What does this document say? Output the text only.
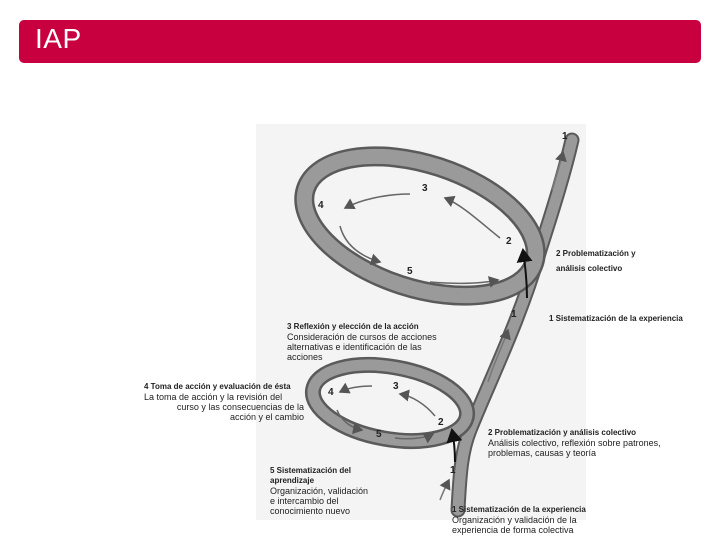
IAP
1
3
4
2
5
1
3
4
2
5
1
2 Problematización y
análisis colectivo
1 Sistematización de la experiencia
3 Reflexión y elección de la acción
Consideración de cursos de acciones
alternativas e identificación de las
acciones
4 Toma de acción y evaluación de ésta
La toma de acción y la revisión del
curso y las consecuencias de la
acción y el cambio
2 Problematización y análisis colectivo
Análisis colectivo, reflexión sobre patrones,
problemas, causas y teoría
5 Sistematización del
aprendizaje
Organización, validación
e intercambio del
conocimiento nuevo	1 Sistematización de la experiencia
Organización y validación de la
experiencia de forma colectiva
